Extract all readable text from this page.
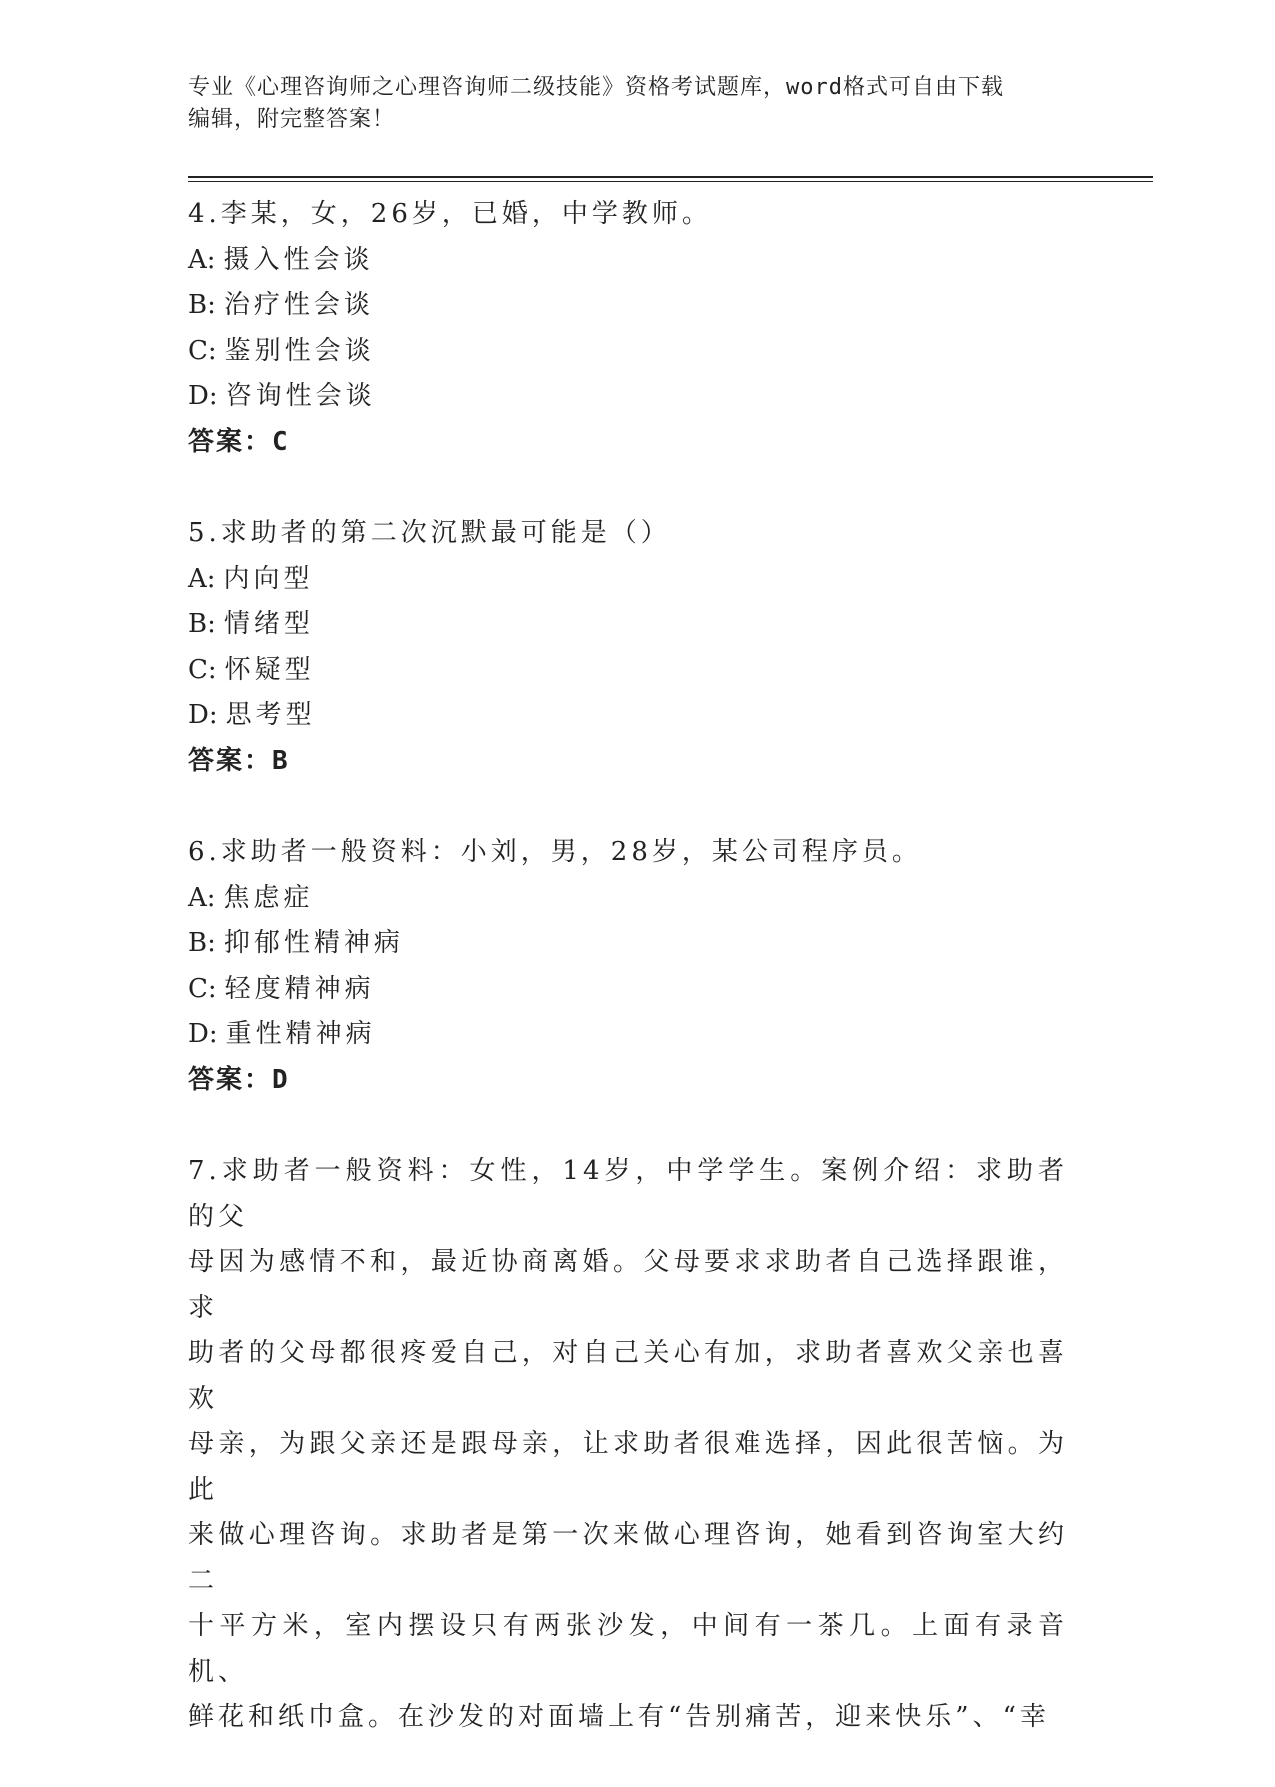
专业《心理咨询师之心理咨询师二级技能》资格考试题库，word格式可自由下载
编辑，附完整答案！
4.李某，女，26岁，已婚，中学教师。
A: 摄入性会谈
B: 治疗性会谈
C: 鉴别性会谈
D: 咨询性会谈
答案：C
5.求助者的第二次沉默最可能是（）
A: 内向型
B: 情绪型
C: 怀疑型
D: 思考型
答案：B
6.求助者一般资料：小刘，男，28岁，某公司程序员。
A: 焦虑症
B: 抑郁性精神病
C: 轻度精神病
D: 重性精神病
答案：D
7.求助者一般资料：女性，14岁，中学学生。案例介绍：求助者的父
母因为感情不和，最近协商离婚。父母要求求助者自己选择跟谁，求
助者的父母都很疼爱自己，对自己关心有加，求助者喜欢父亲也喜欢
母亲，为跟父亲还是跟母亲，让求助者很难选择，因此很苦恼。为此
来做心理咨询。求助者是第一次来做心理咨询，她看到咨询室大约二
十平方米，室内摆设只有两张沙发，中间有一茶几。上面有录音机、
鲜花和纸巾盒。在沙发的对面墙上有“告别痛苦，迎来快乐”、“幸
